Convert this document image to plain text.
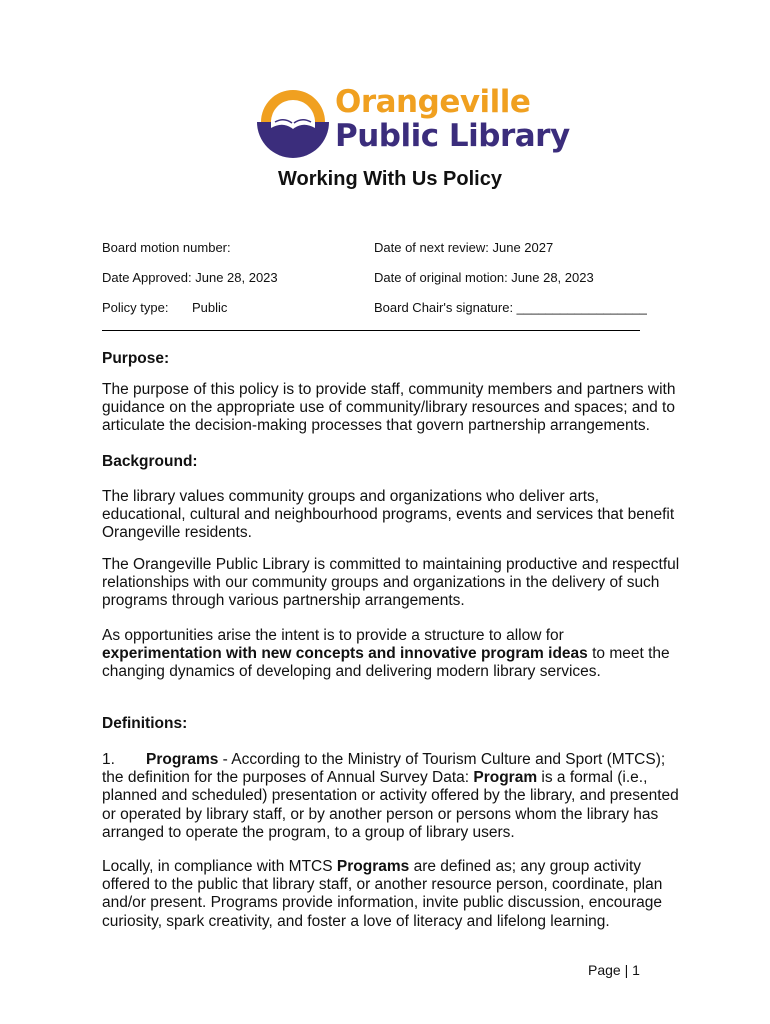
Orangeville
Public Library
Working With Us Policy
Board motion number:	Date of next review: June 2027
Date Approved: June 28, 2023	Date of original motion: June 28, 2023
Policy type: Public	Board Chair's signature: __________________
Purpose:
The purpose of this policy is to provide staff, community members and partners with guidance on the appropriate use of community/library resources and spaces; and to articulate the decision-making processes that govern partnership arrangements.
Background:
The library values community groups and organizations who deliver arts, educational, cultural and neighbourhood programs, events and services that benefit Orangeville residents.
The Orangeville Public Library is committed to maintaining productive and respectful relationships with our community groups and organizations in the delivery of such programs through various partnership arrangements.
As opportunities arise the intent is to provide a structure to allow for experimentation with new concepts and innovative program ideas to meet the changing dynamics of developing and delivering modern library services.
Definitions:
1. Programs - According to the Ministry of Tourism Culture and Sport (MTCS); the definition for the purposes of Annual Survey Data: Program is a formal (i.e., planned and scheduled) presentation or activity offered by the library, and presented or operated by library staff, or by another person or persons whom the library has arranged to operate the program, to a group of library users.
Locally, in compliance with MTCS Programs are defined as; any group activity offered to the public that library staff, or another resource person, coordinate, plan and/or present. Programs provide information, invite public discussion, encourage curiosity, spark creativity, and foster a love of literacy and lifelong learning.
Page | 1
